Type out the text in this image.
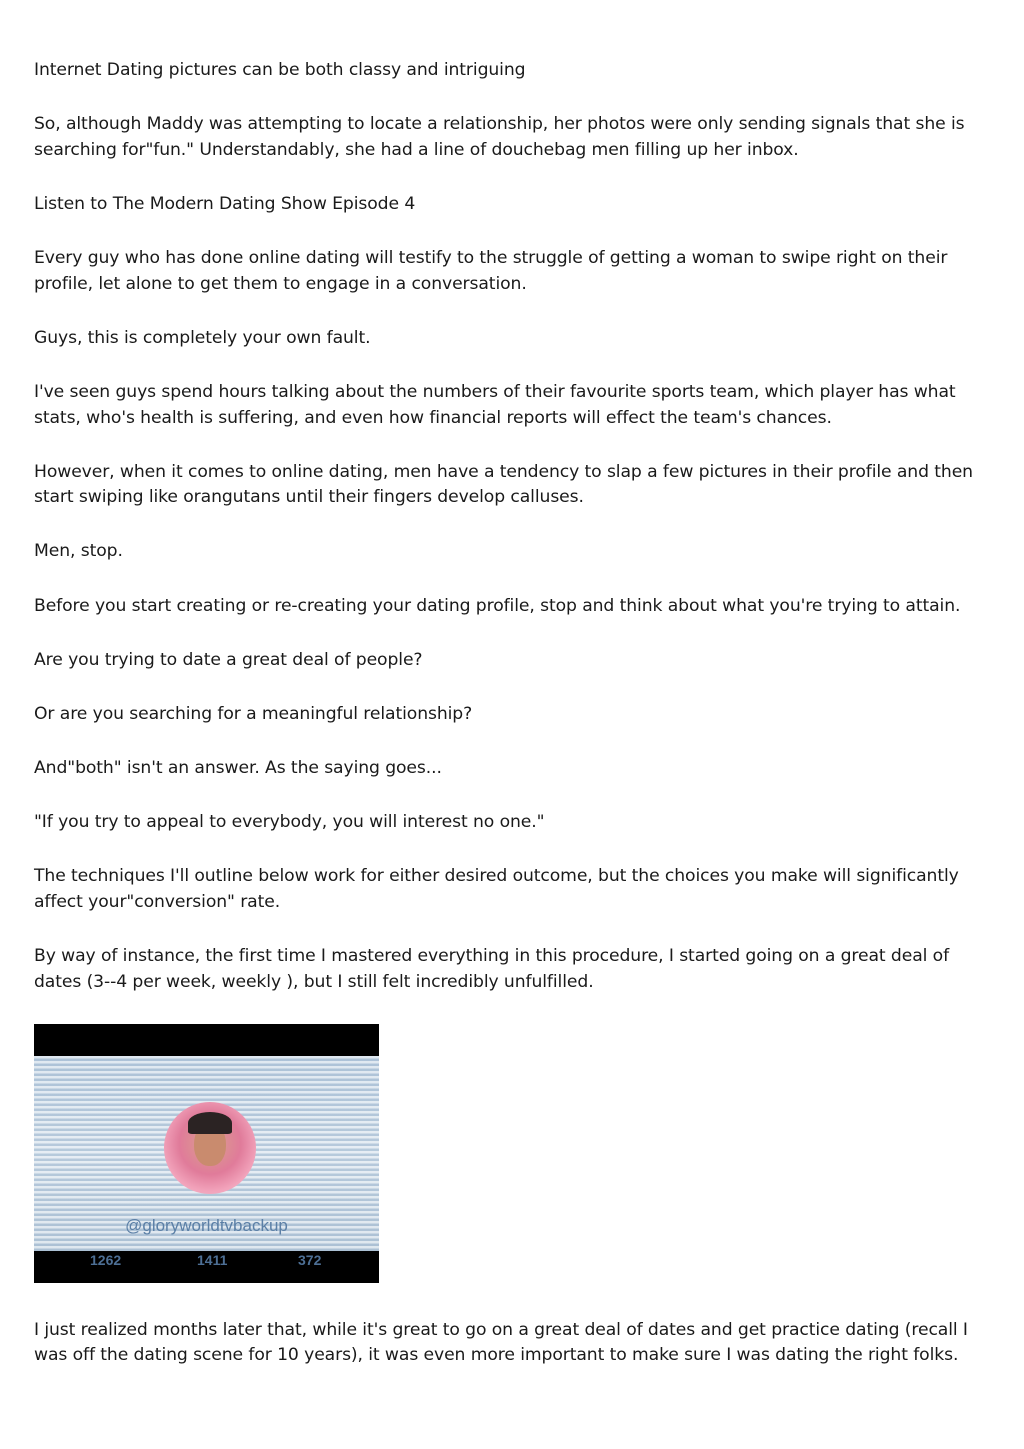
Internet Dating pictures can be both classy and intriguing

So, although Maddy was attempting to locate a relationship, her photos were only sending signals that she is searching for"fun." Understandably, she had a line of douchebag men filling up her inbox.

Listen to The Modern Dating Show Episode 4

Every guy who has done online dating will testify to the struggle of getting a woman to swipe right on their profile, let alone to get them to engage in a conversation.

Guys, this is completely your own fault.

I've seen guys spend hours talking about the numbers of their favourite sports team, which player has what stats, who's health is suffering, and even how financial reports will effect the team's chances.

However, when it comes to online dating, men have a tendency to slap a few pictures in their profile and then start swiping like orangutans until their fingers develop calluses.

Men, stop.

Before you start creating or re-creating your dating profile, stop and think about what you're trying to attain.

Are you trying to date a great deal of people?

Or are you searching for a meaningful relationship?

And"both" isn't an answer. As the saying goes...

"If you try to appeal to everybody, you will interest no one."

The techniques I'll outline below work for either desired outcome, but the choices you make will significantly affect your"conversion" rate.

By way of instance, the first time I mastered everything in this procedure, I started going on a great deal of dates (3--4 per week, weekly ), but I still felt incredibly unfulfilled.

@gloryworldtvbackup
1262	1411	372

I just realized months later that, while it's great to go on a great deal of dates and get practice dating (recall I was off the dating scene for 10 years), it was even more important to make sure I was dating the right folks.
